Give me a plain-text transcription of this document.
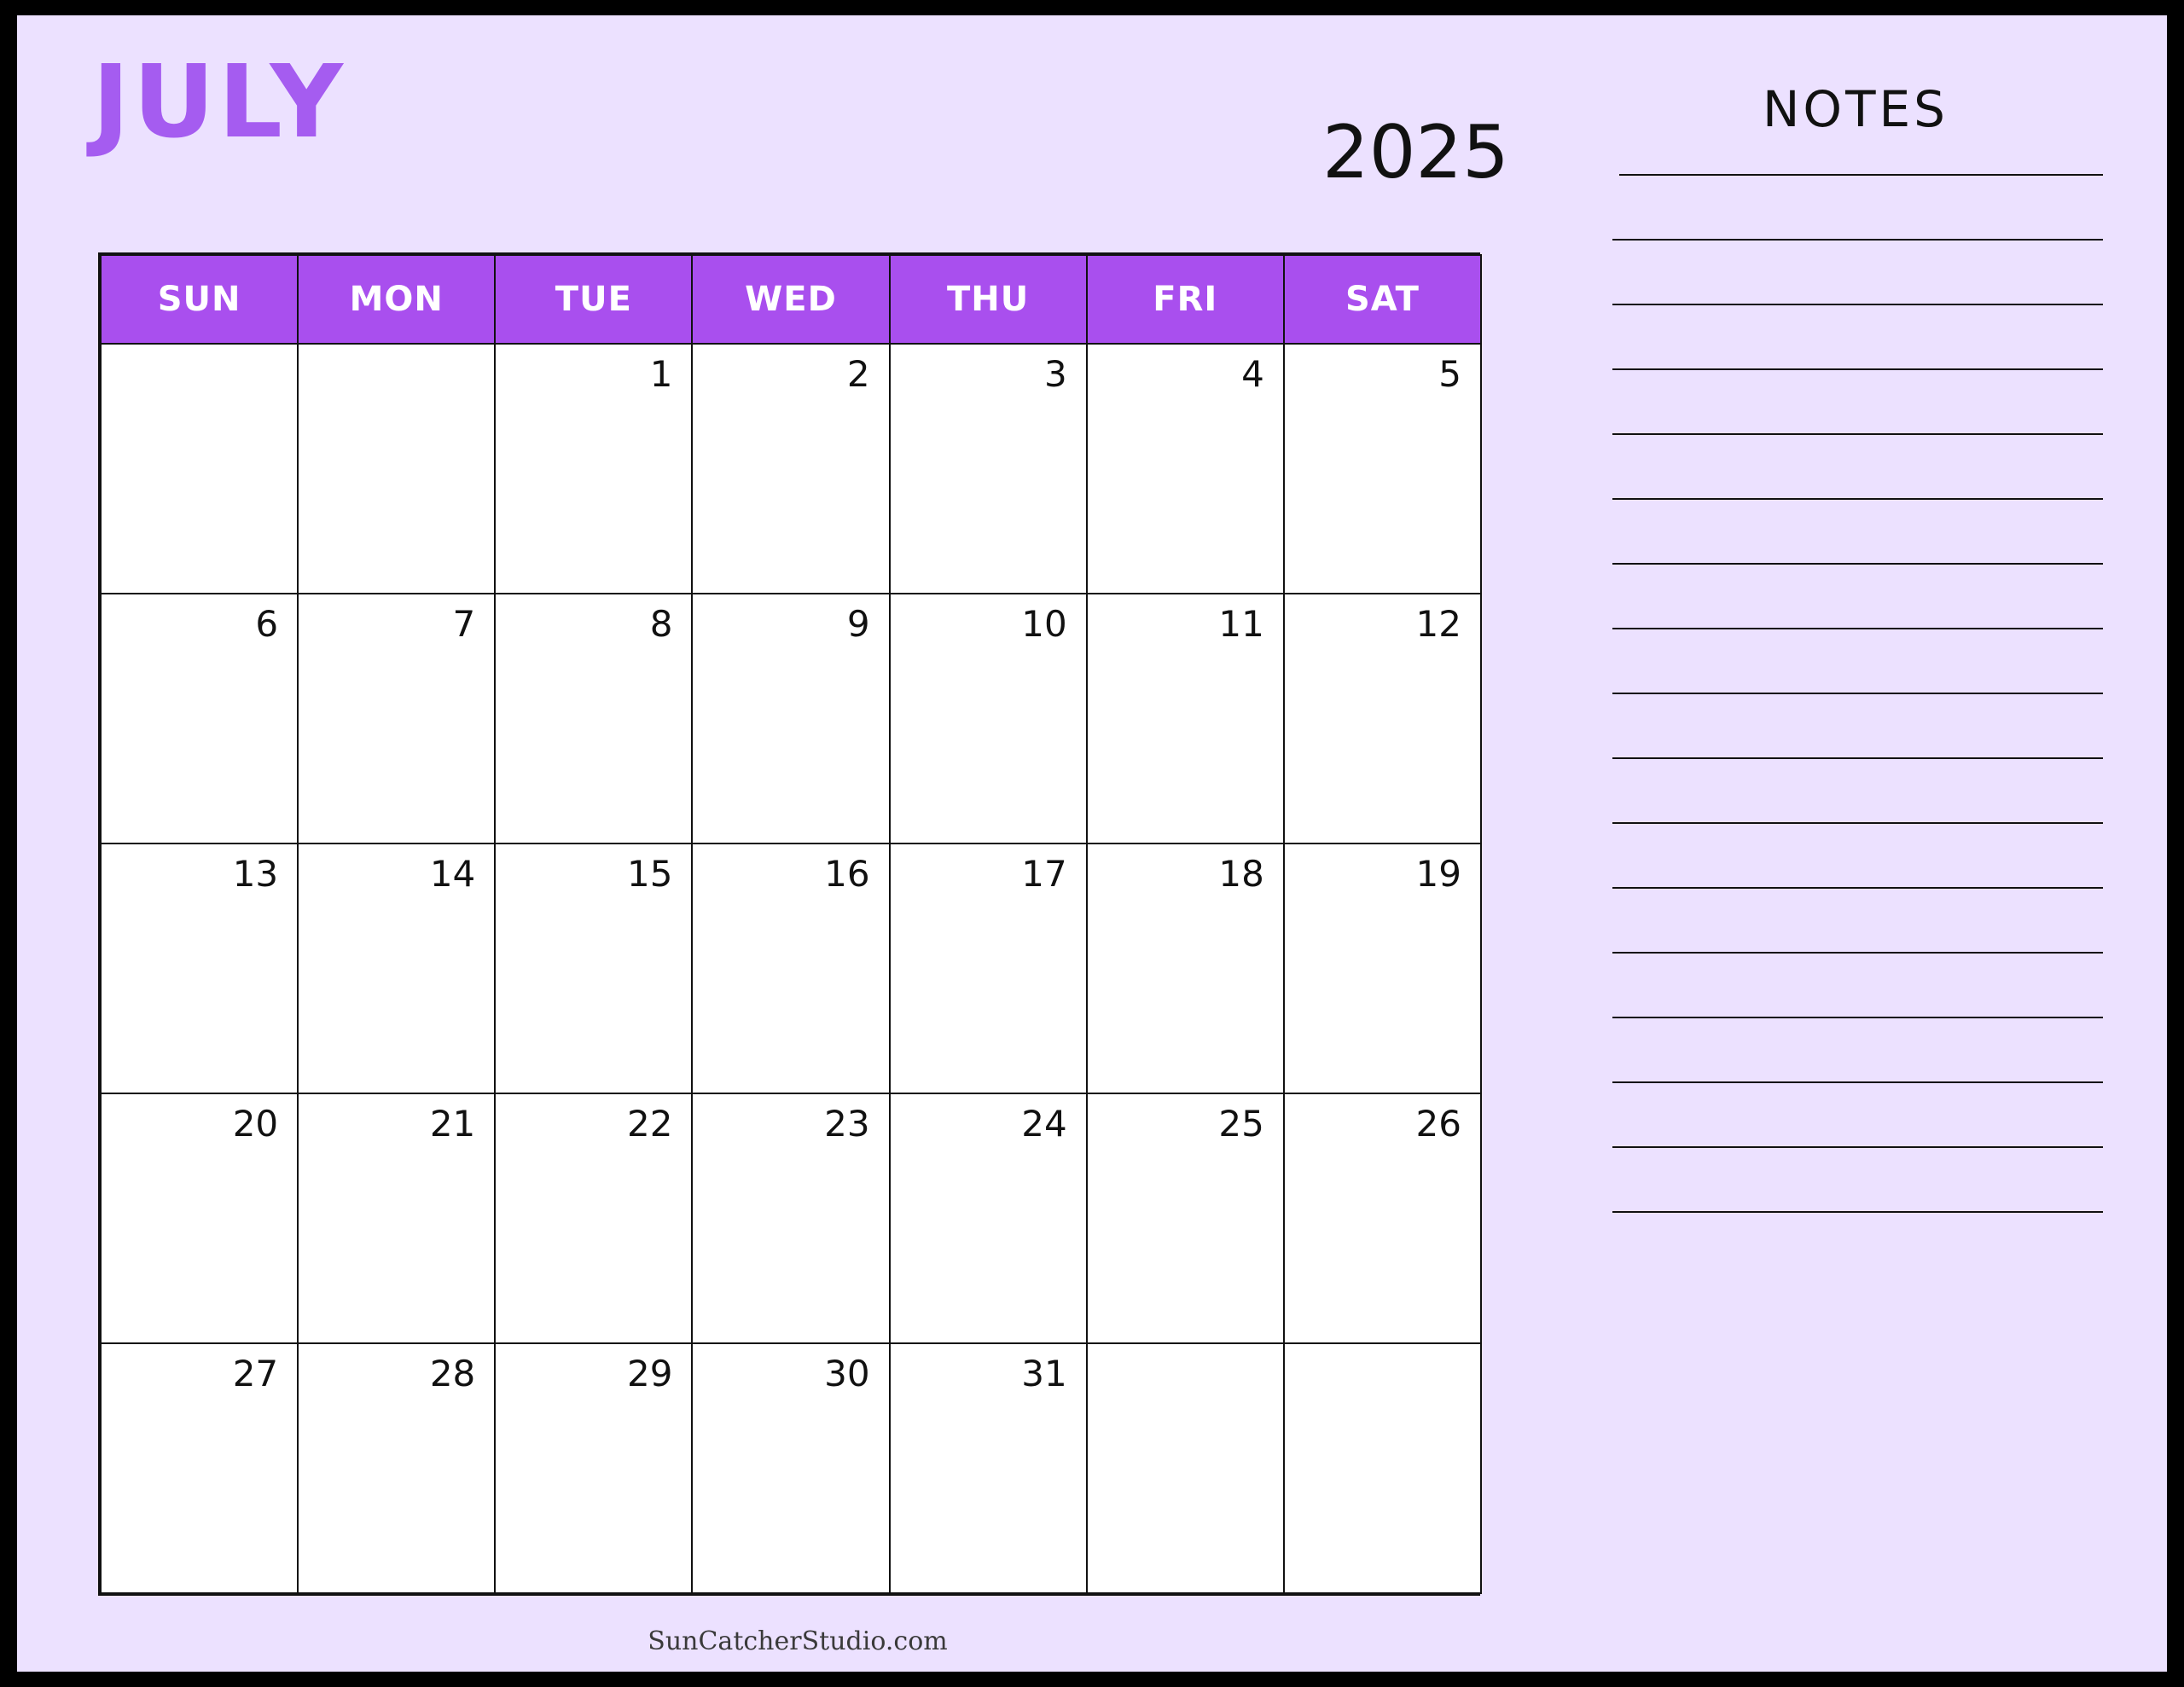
JULY	2025
SUN	MON	TUE	WED	THU	FRI	SAT
		1	2	3	4	5
6	7	8	9	10	11	12
13	14	15	16	17	18	19
20	21	22	23	24	25	26
27	28	29	30	31		
SunCatcherStudio.com
NOTES
